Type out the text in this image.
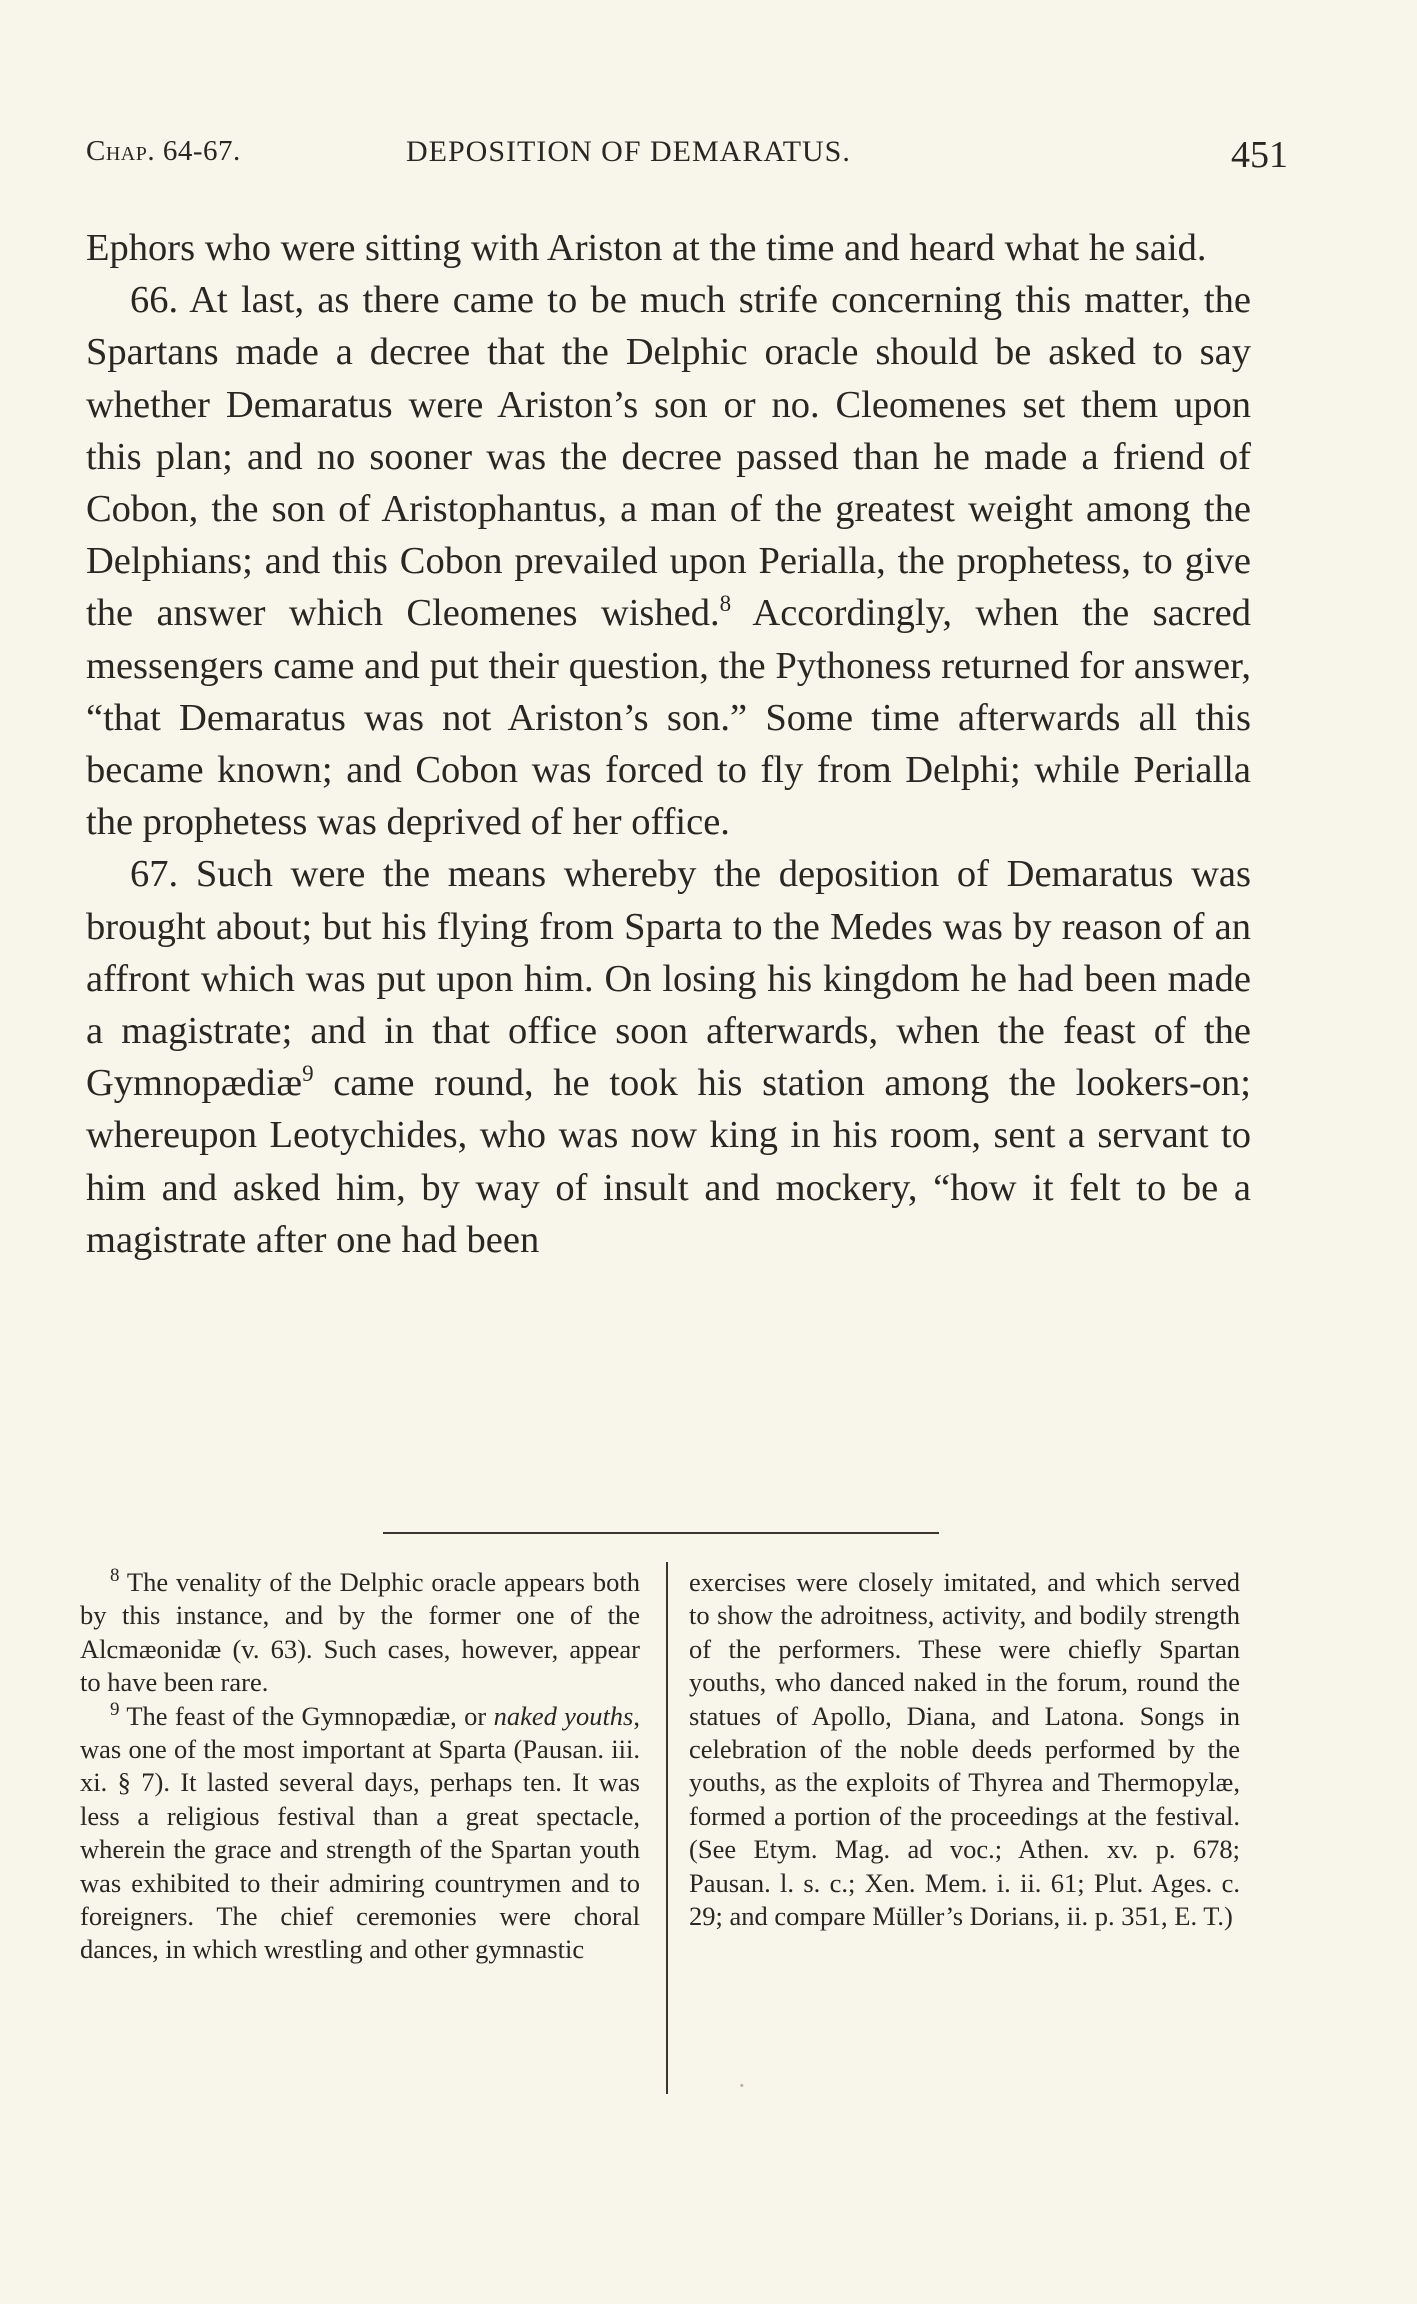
Chap. 64-67.	DEPOSITION OF DEMARATUS.	451

Ephors who were sitting with Ariston at the time and heard what he said.

66. At last, as there came to be much strife concerning this matter, the Spartans made a decree that the Delphic oracle should be asked to say whether Demaratus were Ariston’s son or no. Cleomenes set them upon this plan; and no sooner was the decree passed than he made a friend of Cobon, the son of Aristophantus, a man of the greatest weight among the Delphians; and this Cobon prevailed upon Perialla, the prophetess, to give the answer which Cleomenes wished.$^8$ Accordingly, when the sacred messengers came and put their question, the Pythoness returned for answer, “that Demaratus was not Ariston’s son.” Some time afterwards all this became known; and Cobon was forced to fly from Delphi; while Perialla the prophetess was deprived of her office.

67. Such were the means whereby the deposition of Demaratus was brought about; but his flying from Sparta to the Medes was by reason of an affront which was put upon him. On losing his kingdom he had been made a magistrate; and in that office soon afterwards, when the feast of the Gymnopædiæ$^9$ came round, he took his station among the lookers-on; whereupon Leotychides, who was now king in his room, sent a servant to him and asked him, by way of insult and mockery, “how it felt to be a magistrate after one had been

$^8$ The venality of the Delphic oracle appears both by this instance, and by the former one of the Alcmæonidæ (v. 63). Such cases, however, appear to have been rare.

$^9$ The feast of the Gymnopædiæ, or naked youths, was one of the most important at Sparta (Pausan. iii. xi. § 7). It lasted several days, perhaps ten. It was less a religious festival than a great spectacle, wherein the grace and strength of the Spartan youth was exhibited to their admiring countrymen and to foreigners. The chief ceremonies were choral dances, in which wrestling and other gymnastic

exercises were closely imitated, and which served to show the adroitness, activity, and bodily strength of the performers. These were chiefly Spartan youths, who danced naked in the forum, round the statues of Apollo, Diana, and Latona. Songs in celebration of the noble deeds performed by the youths, as the exploits of Thyrea and Thermopylæ, formed a portion of the proceedings at the festival. (See Etym. Mag. ad voc.; Athen. xv. p. 678; Pausan. l. s. c.; Xen. Mem. i. ii. 61; Plut. Ages. c. 29; and compare Müller’s Dorians, ii. p. 351, E. T.)

·
